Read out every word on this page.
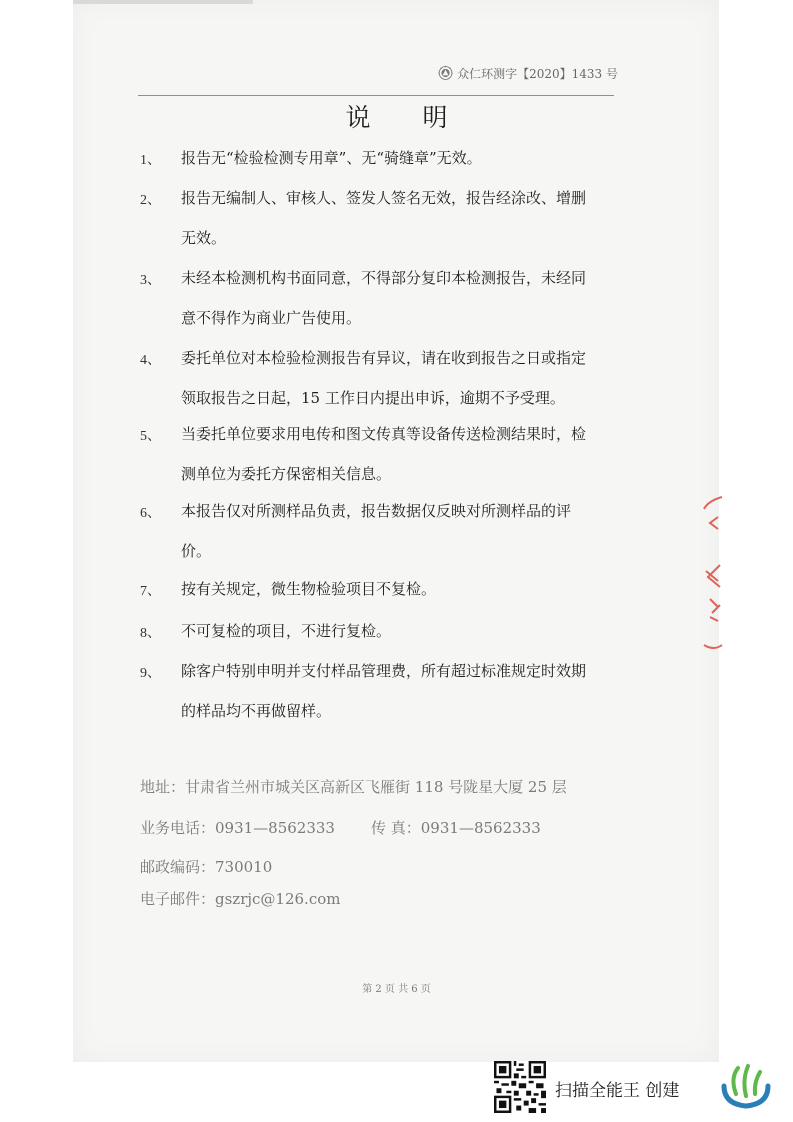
众仁环测字【2020】1433 号
说 明
1、 报告无“检验检测专用章”、无“骑缝章”无效。
2、 报告无编制人、审核人、签发人签名无效，报告经涂改、增删
无效。
3、 未经本检测机构书面同意，不得部分复印本检测报告，未经同
意不得作为商业广告使用。
4、 委托单位对本检验检测报告有异议，请在收到报告之日或指定
领取报告之日起，15 工作日内提出申诉，逾期不予受理。
5、 当委托单位要求用电传和图文传真等设备传送检测结果时，检
测单位为委托方保密相关信息。
6、 本报告仅对所测样品负责，报告数据仅反映对所测样品的评
价。
7、 按有关规定，微生物检验项目不复检。
8、 不可复检的项目，不进行复检。
9、 除客户特别申明并支付样品管理费，所有超过标准规定时效期
的样品均不再做留样。
地址：甘肃省兰州市城关区高新区飞雁街 118 号陇星大厦 25 层
业务电话：0931—8562333 传 真：0931—8562333
邮政编码：730010
电子邮件：gszrjc@126.com
第 2 页 共 6 页
扫描全能王 创建
